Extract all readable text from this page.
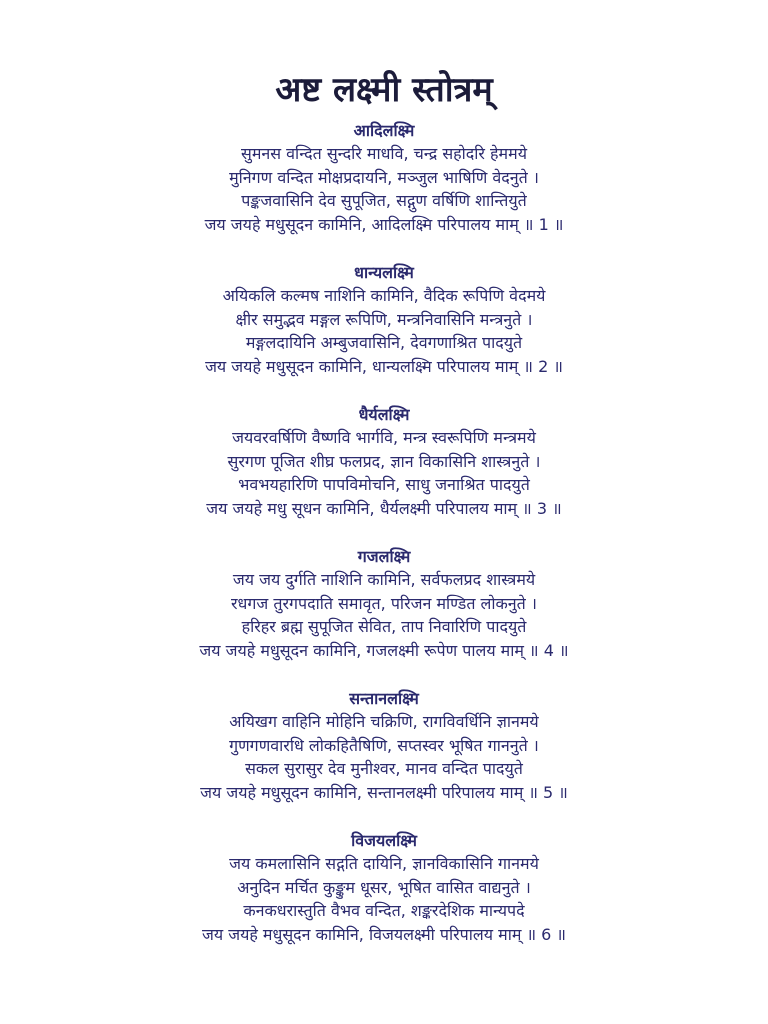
अष्ट लक्ष्मी स्तोत्रम्

आदिलक्ष्मि

सुमनस वन्दित सुन्दरि माधवि, चन्द्र सहोदरि हेममये

मुनिगण वन्दित मोक्षप्रदायनि, मञ्जुल भाषिणि वेदनुते ।

पङ्कजवासिनि देव सुपूजित, सद्गुण वर्षिणि शान्तियुते

जय जयहे मधुसूदन कामिनि, आदिलक्ष्मि परिपालय माम् ॥ 1 ॥

धान्यलक्ष्मि

अयिकलि कल्मष नाशिनि कामिनि, वैदिक रूपिणि वेदमये

क्षीर समुद्भव मङ्गल रूपिणि, मन्त्रनिवासिनि मन्त्रनुते ।

मङ्गलदायिनि अम्बुजवासिनि, देवगणाश्रित पादयुते

जय जयहे मधुसूदन कामिनि, धान्यलक्ष्मि परिपालय माम् ॥ 2 ॥

धैर्यलक्ष्मि

जयवरवर्षिणि वैष्णवि भार्गवि, मन्त्र स्वरूपिणि मन्त्रमये

सुरगण पूजित शीघ्र फलप्रद, ज्ञान विकासिनि शास्त्रनुते ।

भवभयहारिणि पापविमोचनि, साधु जनाश्रित पादयुते

जय जयहे मधु सूधन कामिनि, धैर्यलक्ष्मी परिपालय माम् ॥ 3 ॥

गजलक्ष्मि

जय जय दुर्गति नाशिनि कामिनि, सर्वफलप्रद शास्त्रमये

रधगज तुरगपदाति समावृत, परिजन मण्डित लोकनुते ।

हरिहर ब्रह्म सुपूजित सेवित, ताप निवारिणि पादयुते

जय जयहे मधुसूदन कामिनि, गजलक्ष्मी रूपेण पालय माम् ॥ 4 ॥

सन्तानलक्ष्मि

अयिखग वाहिनि मोहिनि चक्रिणि, रागविवर्धिनि ज्ञानमये

गुणगणवारधि लोकहितैषिणि, सप्तस्वर भूषित गाननुते ।

सकल सुरासुर देव मुनीश्वर, मानव वन्दित पादयुते

जय जयहे मधुसूदन कामिनि, सन्तानलक्ष्मी परिपालय माम् ॥ 5 ॥

विजयलक्ष्मि

जय कमलासिनि सद्गति दायिनि, ज्ञानविकासिनि गानमये

अनुदिन मर्चित कुङ्कुम धूसर, भूषित वासित वाद्यनुते ।

कनकधरास्तुति वैभव वन्दित, शङ्करदेशिक मान्यपदे

जय जयहे मधुसूदन कामिनि, विजयलक्ष्मी परिपालय माम् ॥ 6 ॥
